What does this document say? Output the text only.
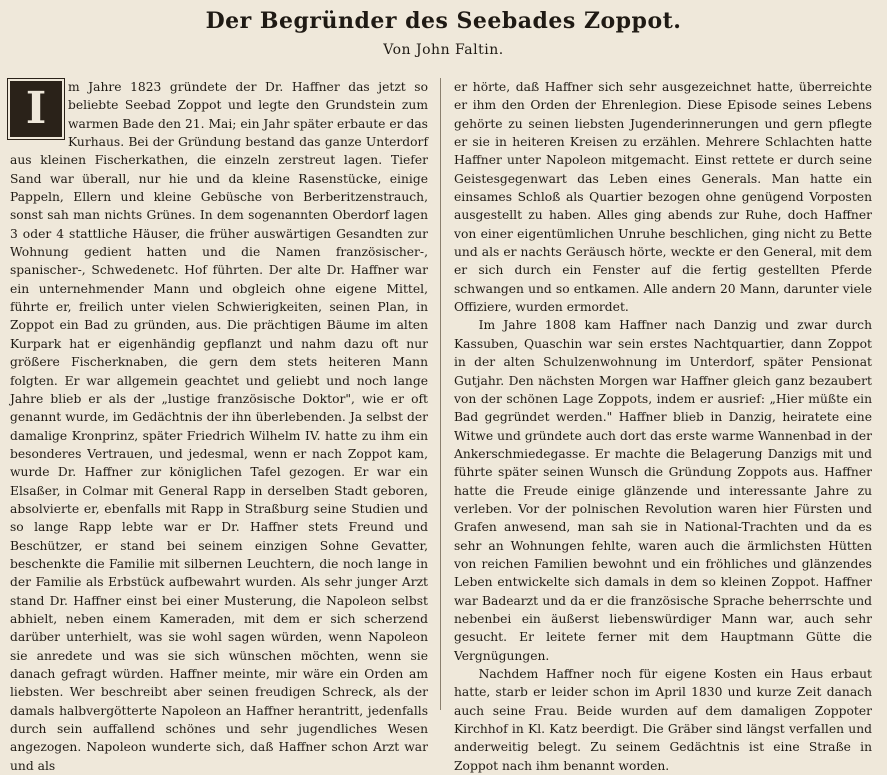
Der Begründer des Seebades Zoppot.
Von John Faltin.
I	m Jahre 1823 gründete der Dr. Haffner das jetzt so beliebte Seebad Zoppot und legte den Grundstein zum warmen Bade den 21. Mai; ein Jahr später erbaute er das Kurhaus. Bei der Gründung bestand das ganze Unterdorf aus kleinen Fischerkathen, die einzeln zerstreut lagen. Tiefer Sand war überall, nur hie und da kleine Rasenstücke, einige Pappeln, Ellern und kleine Gebüsche von Berberitzenstrauch, sonst sah man nichts Grünes. In dem sogenannten Oberdorf lagen 3 oder 4 stattliche Häuser, die früher auswärtigen Gesandten zur Wohnung gedient hatten und die Namen französischer-, spanischer-, Schwedenetc. Hof führten. Der alte Dr. Haffner war ein unternehmender Mann und obgleich ohne eigene Mittel, führte er, freilich unter vielen Schwierigkeiten, seinen Plan, in Zoppot ein Bad zu gründen, aus. Die prächtigen Bäume im alten Kurpark hat er eigenhändig gepflanzt und nahm dazu oft nur größere Fischerknaben, die gern dem stets heiteren Mann folgten. Er war allgemein geachtet und geliebt und noch lange Jahre blieb er als der „lustige französische Doktor", wie er oft genannt wurde, im Gedächtnis der ihn überlebenden. Ja selbst der damalige Kronprinz, später Friedrich Wilhelm IV. hatte zu ihm ein besonderes Vertrauen, und jedesmal, wenn er nach Zoppot kam, wurde Dr. Haffner zur königlichen Tafel gezogen. Er war ein Elsaßer, in Colmar mit General Rapp in derselben Stadt geboren, absolvierte er, ebenfalls mit Rapp in Straßburg seine Studien und so lange Rapp lebte war er Dr. Haffner stets Freund und Beschützer, er stand bei seinem einzigen Sohne Gevatter, beschenkte die Familie mit silbernen Leuchtern, die noch lange in der Familie als Erbstück aufbewahrt wurden. Als sehr junger Arzt stand Dr. Haffner einst bei einer Musterung, die Napoleon selbst abhielt, neben einem Kameraden, mit dem er sich scherzend darüber unterhielt, was sie wohl sagen würden, wenn Napoleon sie anredete und was sie sich wünschen möchten, wenn sie danach gefragt würden. Haffner meinte, mir wäre ein Orden am liebsten. Wer beschreibt aber seinen freudigen Schreck, als der damals halbvergötterte Napoleon an Haffner herantritt, jedenfalls durch sein auffallend schönes und sehr jugendliches Wesen angezogen. Napoleon wunderte sich, daß Haffner schon Arzt war und als

er hörte, daß Haffner sich sehr ausgezeichnet hatte, überreichte er ihm den Orden der Ehrenlegion. Diese Episode seines Lebens gehörte zu seinen liebsten Jugenderinnerungen und gern pflegte er sie in heiteren Kreisen zu erzählen. Mehrere Schlachten hatte Haffner unter Napoleon mitgemacht. Einst rettete er durch seine Geistesgegenwart das Leben eines Generals. Man hatte ein einsames Schloß als Quartier bezogen ohne genügend Vorposten ausgestellt zu haben. Alles ging abends zur Ruhe, doch Haffner von einer eigentümlichen Unruhe beschlichen, ging nicht zu Bette und als er nachts Geräusch hörte, weckte er den General, mit dem er sich durch ein Fenster auf die fertig gestellten Pferde schwangen und so entkamen. Alle andern 20 Mann, darunter viele Offiziere, wurden ermordet.

Im Jahre 1808 kam Haffner nach Danzig und zwar durch Kassuben, Quaschin war sein erstes Nachtquartier, dann Zoppot in der alten Schulzenwohnung im Unterdorf, später Pensionat Gutjahr. Den nächsten Morgen war Haffner gleich ganz bezaubert von der schönen Lage Zoppots, indem er ausrief: „Hier müßte ein Bad gegründet werden." Haffner blieb in Danzig, heiratete eine Witwe und gründete auch dort das erste warme Wannenbad in der Ankerschmiedegasse. Er machte die Belagerung Danzigs mit und führte später seinen Wunsch die Gründung Zoppots aus. Haffner hatte die Freude einige glänzende und interessante Jahre zu verleben. Vor der polnischen Revolution waren hier Fürsten und Grafen anwesend, man sah sie in National-Trachten und da es sehr an Wohnungen fehlte, waren auch die ärmlichsten Hütten von reichen Familien bewohnt und ein fröhliches und glänzendes Leben entwickelte sich damals in dem so kleinen Zoppot. Haffner war Badearzt und da er die französische Sprache beherrschte und nebenbei ein äußerst liebenswürdiger Mann war, auch sehr gesucht. Er leitete ferner mit dem Hauptmann Gütte die Vergnügungen.

Nachdem Haffner noch für eigene Kosten ein Haus erbaut hatte, starb er leider schon im April 1830 und kurze Zeit danach auch seine Frau. Beide wurden auf dem damaligen Zoppoter Kirchhof in Kl. Katz beerdigt. Die Gräber sind längst verfallen und anderweitig belegt. Zu seinem Gedächtnis ist eine Straße in Zoppot nach ihm benannt worden.
